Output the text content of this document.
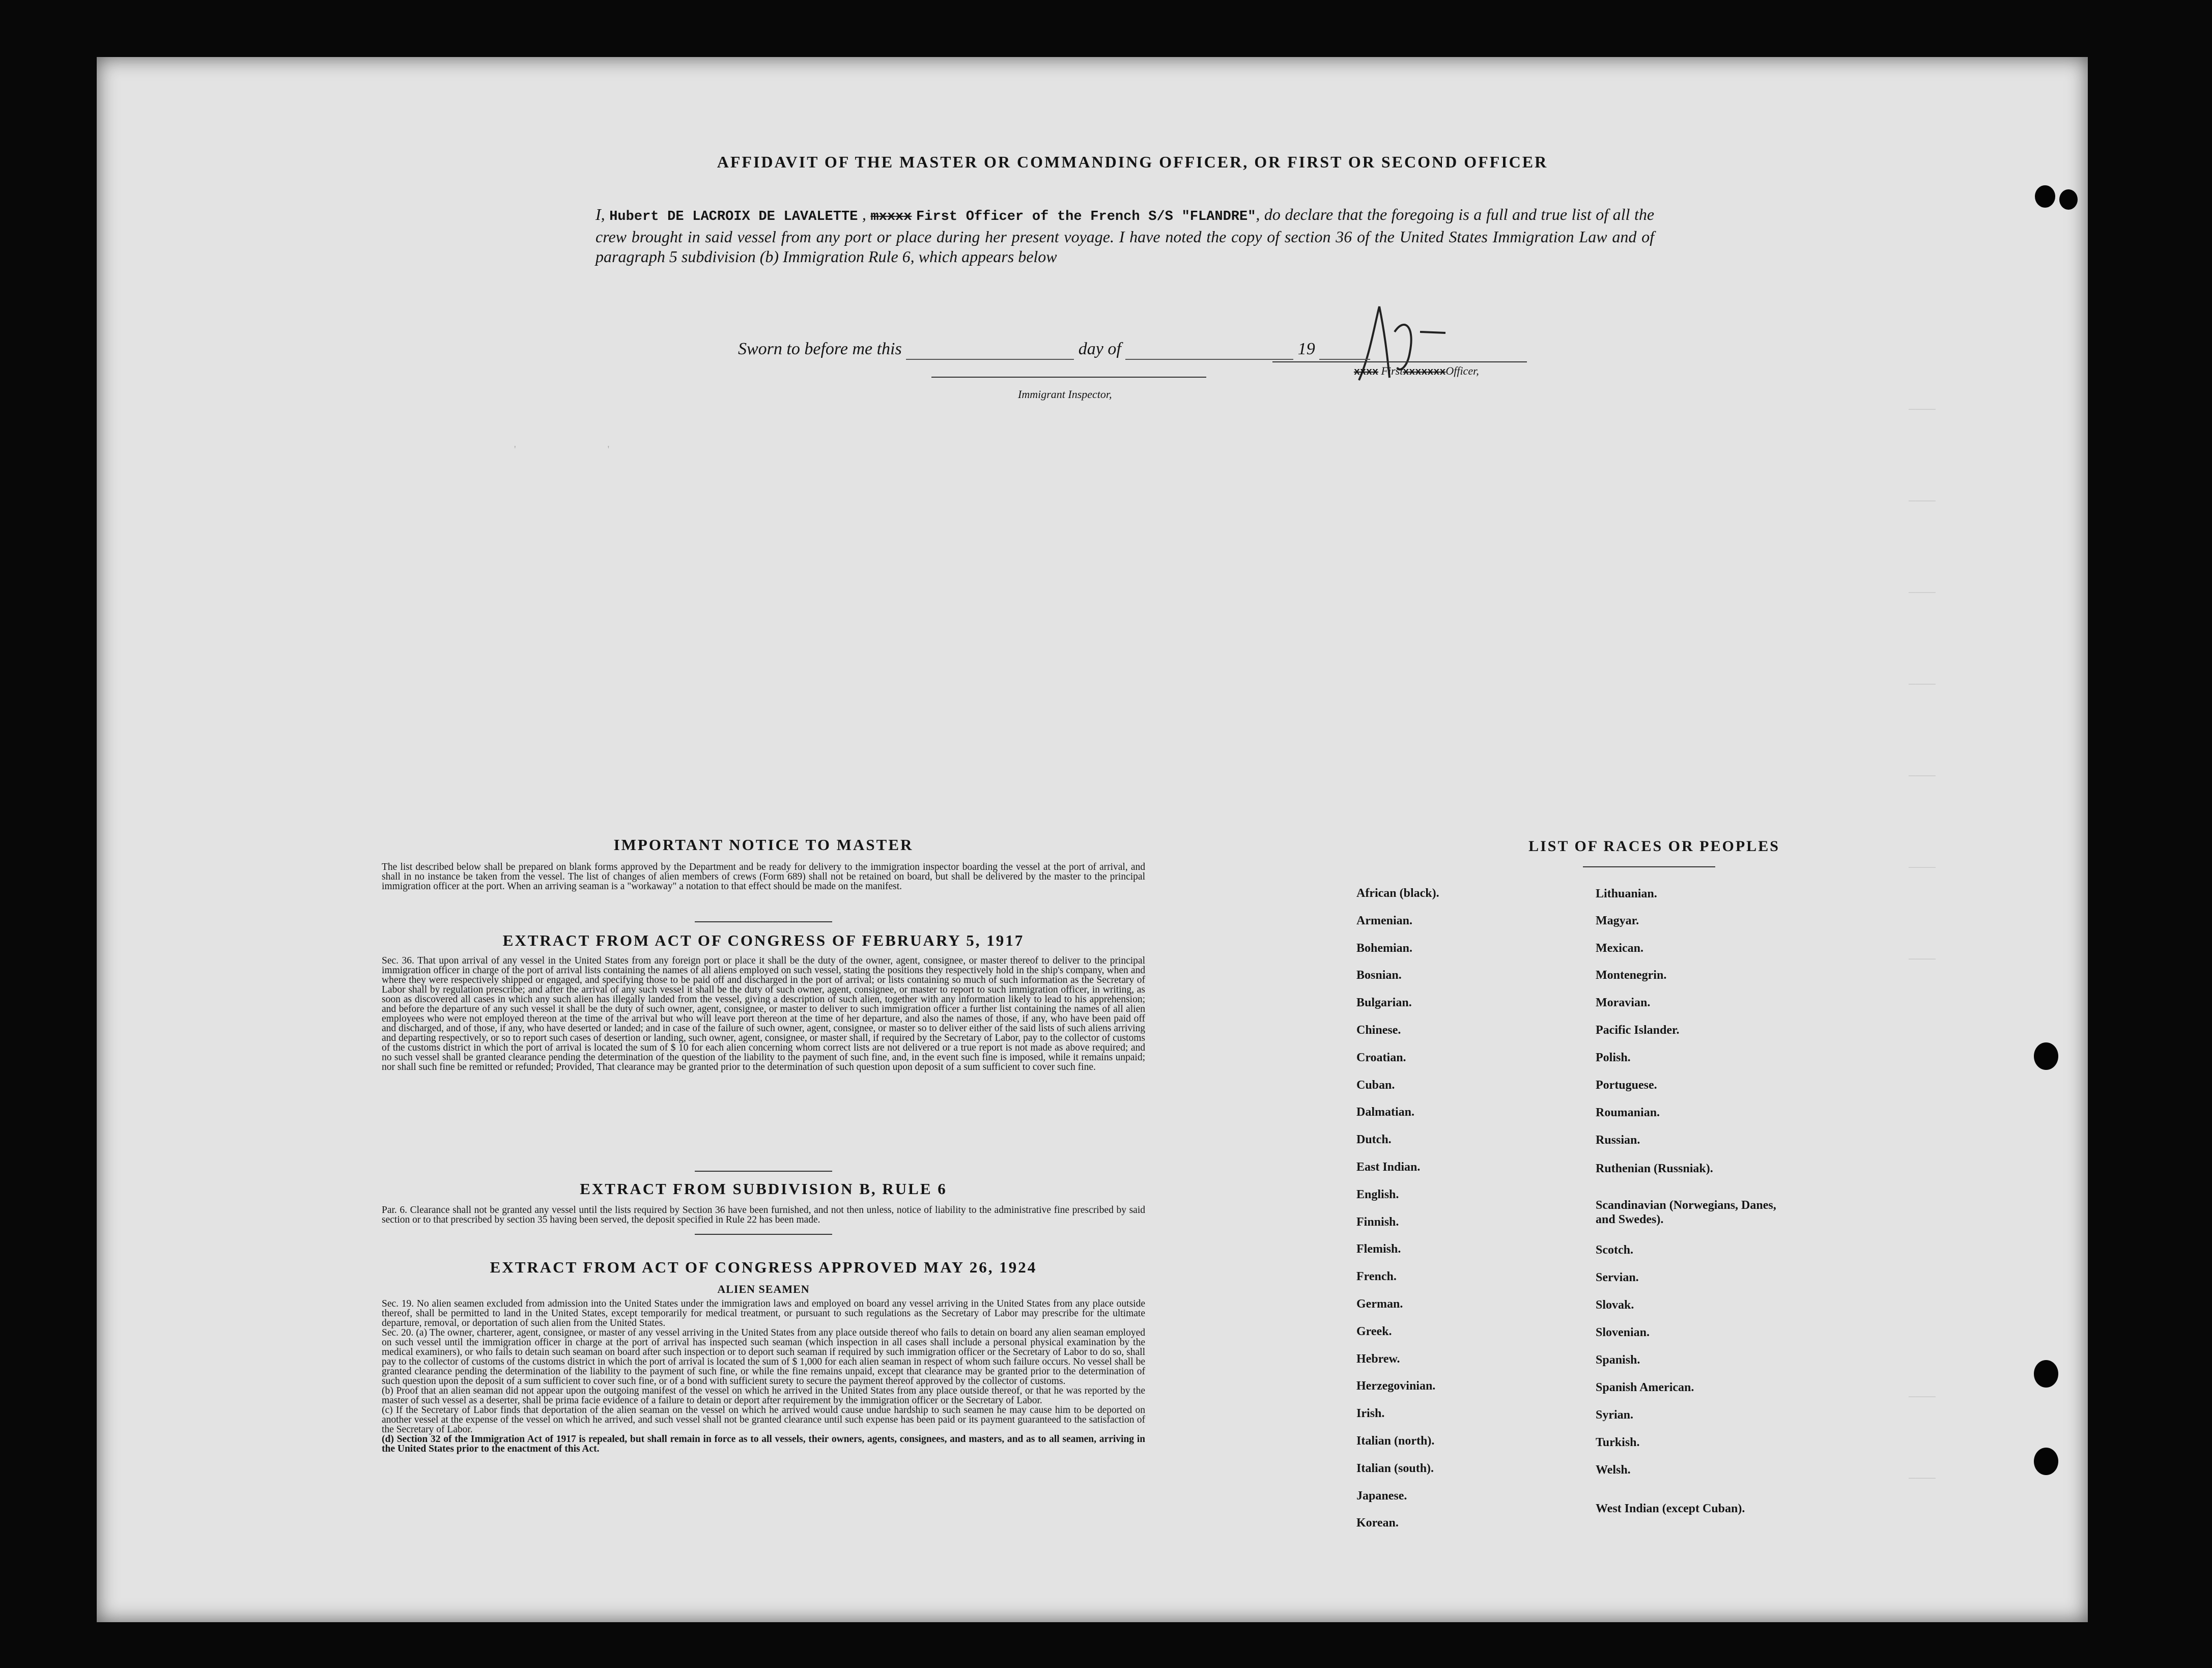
————
————
————
————
————
————
————
————
————
AFFIDAVIT OF THE MASTER OR COMMANDING OFFICER, OR FIRST OR SECOND OFFICER
I, Hubert DE LACROIX DE LAVALETTE , mxxxx First Officer of the French S/S "FLANDRE", do declare that the foregoing is a full and true list of all the crew brought in said vessel from any port or place during her present voyage. I have noted the copy of section 36 of the United States Immigration Law and of paragraph 5 subdivision (b) Immigration Rule 6, which appears below
xxxx FirstxxxxxxxOfficer,
Sworn to before me this	day of	19
Immigrant Inspector,
'                                    '
IMPORTANT NOTICE TO MASTER
The list described below shall be prepared on blank forms approved by the Department and be ready for delivery to the immigration inspector boarding the vessel at the port of arrival, and shall in no instance be taken from the vessel. The list of changes of alien members of crews (Form 689) shall not be retained on board, but shall be delivered by the master to the principal immigration officer at the port. When an arriving seaman is a "workaway" a notation to that effect should be made on the manifest.
EXTRACT FROM ACT OF CONGRESS OF FEBRUARY 5, 1917
Sec. 36. That upon arrival of any vessel in the United States from any foreign port or place it shall be the duty of the owner, agent, consignee, or master thereof to deliver to the principal immigration officer in charge of the port of arrival lists containing the names of all aliens employed on such vessel, stating the positions they respectively hold in the ship's company, when and where they were respectively shipped or engaged, and specifying those to be paid off and discharged in the port of arrival; or lists containing so much of such information as the Secretary of Labor shall by regulation prescribe; and after the arrival of any such vessel it shall be the duty of such owner, agent, consignee, or master to report to such immigration officer, in writing, as soon as discovered all cases in which any such alien has illegally landed from the vessel, giving a description of such alien, together with any information likely to lead to his apprehension; and before the departure of any such vessel it shall be the duty of such owner, agent, consignee, or master to deliver to such immigration officer a further list containing the names of all alien employees who were not employed thereon at the time of the arrival but who will leave port thereon at the time of her departure, and also the names of those, if any, who have been paid off and discharged, and of those, if any, who have deserted or landed; and in case of the failure of such owner, agent, consignee, or master so to deliver either of the said lists of such aliens arriving and departing respectively, or so to report such cases of desertion or landing, such owner, agent, consignee, or master shall, if required by the Secretary of Labor, pay to the collector of customs of the customs district in which the port of arrival is located the sum of $ 10 for each alien concerning whom correct lists are not delivered or a true report is not made as above required; and no such vessel shall be granted clearance pending the determination of the question of the liability to the payment of such fine, and, in the event such fine is imposed, while it remains unpaid; nor shall such fine be remitted or refunded; Provided, That clearance may be granted prior to the determination of such question upon deposit of a sum sufficient to cover such fine.
EXTRACT FROM SUBDIVISION B, RULE 6
Par. 6. Clearance shall not be granted any vessel until the lists required by Section 36 have been furnished, and not then unless, notice of liability to the administrative fine prescribed by said section or to that prescribed by section 35 having been served, the deposit specified in Rule 22 has been made.
EXTRACT FROM ACT OF CONGRESS APPROVED MAY 26, 1924
ALIEN SEAMEN
Sec. 19. No alien seamen excluded from admission into the United States under the immigration laws and employed on board any vessel arriving in the United States from any place outside thereof, shall be permitted to land in the United States, except temporarily for medical treatment, or pursuant to such regulations as the Secretary of Labor may prescribe for the ultimate departure, removal, or deportation of such alien from the United States.
Sec. 20. (a) The owner, charterer, agent, consignee, or master of any vessel arriving in the United States from any place outside thereof who fails to detain on board any alien seaman employed on such vessel until the immigration officer in charge at the port of arrival has inspected such seaman (which inspection in all cases shall include a personal physical examination by the medical examiners), or who fails to detain such seaman on board after such inspection or to deport such seaman if required by such immigration officer or the Secretary of Labor to do so, shall pay to the collector of customs of the customs district in which the port of arrival is located the sum of $ 1,000 for each alien seaman in respect of whom such failure occurs. No vessel shall be granted clearance pending the determination of the liability to the payment of such fine, or while the fine remains unpaid, except that clearance may be granted prior to the determination of such question upon the deposit of a sum sufficient to cover such fine, or of a bond with sufficient surety to secure the payment thereof approved by the collector of customs.
(b) Proof that an alien seaman did not appear upon the outgoing manifest of the vessel on which he arrived in the United States from any place outside thereof, or that he was reported by the master of such vessel as a deserter, shall be prima facie evidence of a failure to detain or deport after requirement by the immigration officer or the Secretary of Labor.
(c) If the Secretary of Labor finds that deportation of the alien seaman on the vessel on which he arrived would cause undue hardship to such seamen he may cause him to be deported on another vessel at the expense of the vessel on which he arrived, and such vessel shall not be granted clearance until such expense has been paid or its payment guaranteed to the satisfaction of the Secretary of Labor.
(d) Section 32 of the Immigration Act of 1917 is repealed, but shall remain in force as to all vessels, their owners, agents, consignees, and masters, and as to all seamen, arriving in the United States prior to the enactment of this Act.
LIST OF RACES OR PEOPLES
African (black).
Armenian.
Bohemian.
Bosnian.
Bulgarian.
Chinese.
Croatian.
Cuban.
Dalmatian.
Dutch.
East Indian.
English.
Finnish.
Flemish.
French.
German.
Greek.
Hebrew.
Herzegovinian.
Irish.
Italian (north).
Italian (south).
Japanese.
Korean.
Lithuanian.
Magyar.
Mexican.
Montenegrin.
Moravian.
Pacific Islander.
Polish.
Portuguese.
Roumanian.
Russian.
Ruthenian (Russniak).
Scandinavian (Norwegians, Danes, and Swedes).
Scotch.
Servian.
Slovak.
Slovenian.
Spanish.
Spanish American.
Syrian.
Turkish.
Welsh.
West Indian (except Cuban).
